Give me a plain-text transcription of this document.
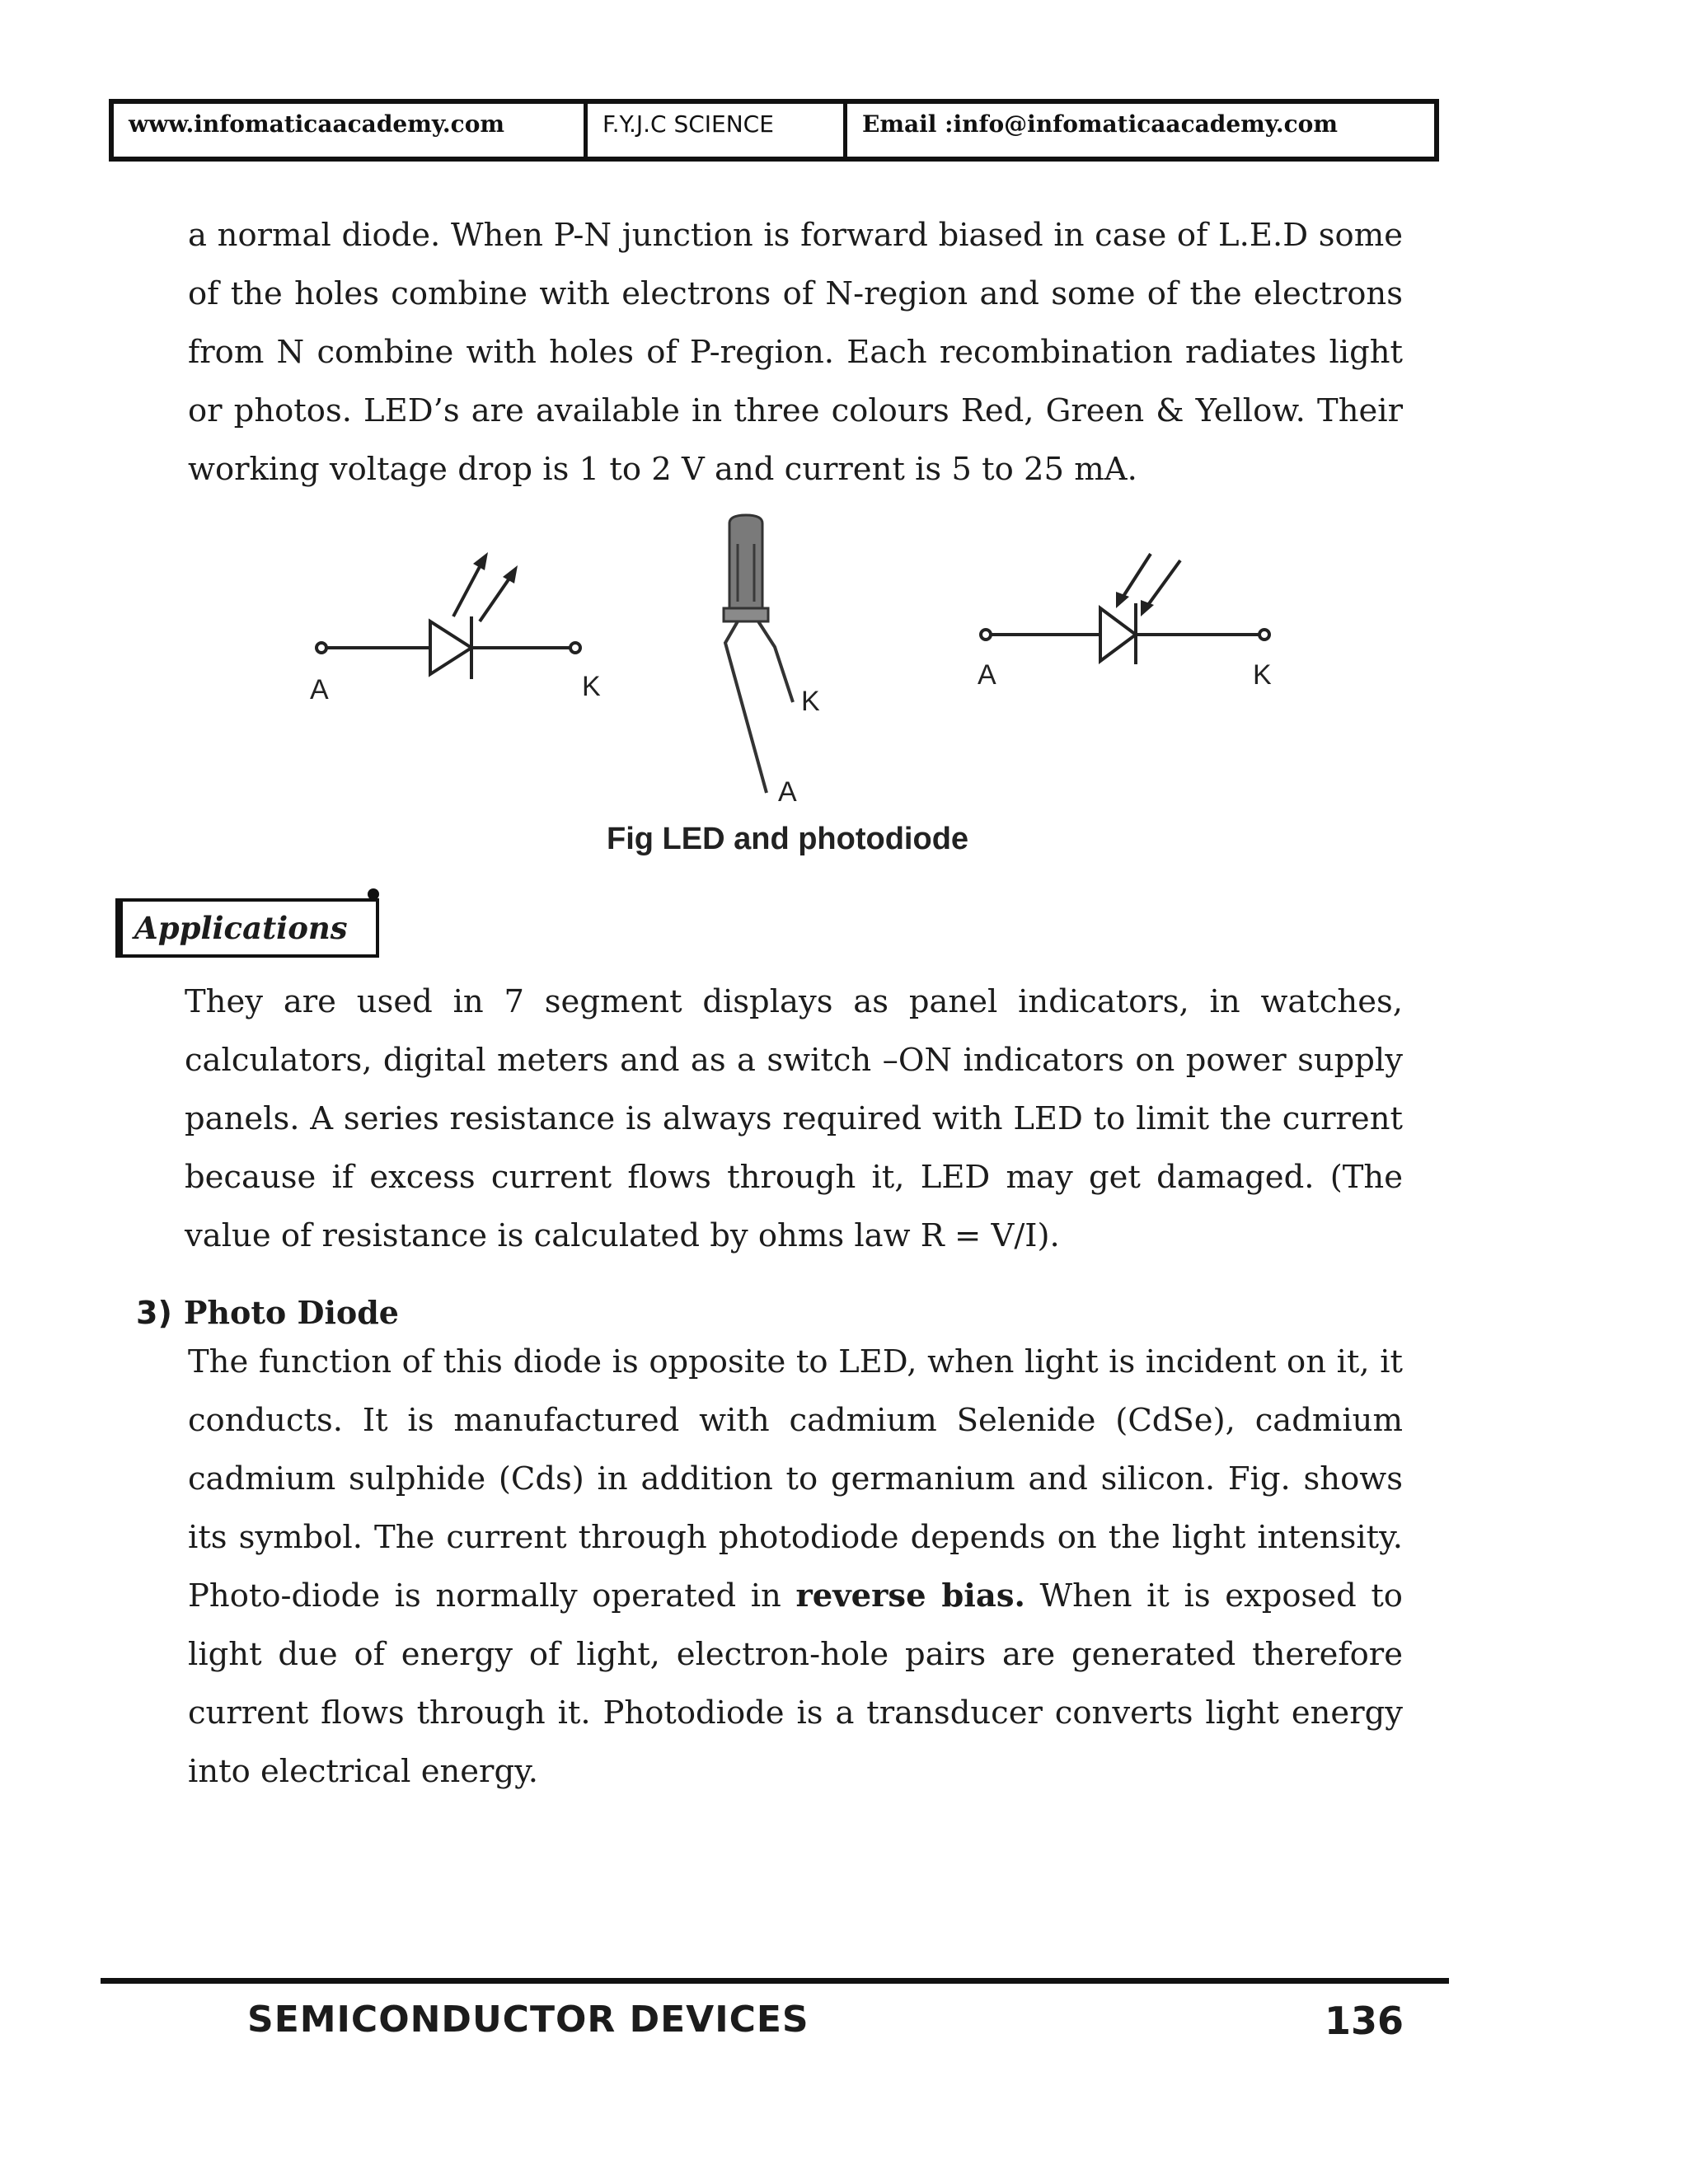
www.infomaticaacademy.com	F.Y.J.C SCIENCE	Email :info@infomaticaacademy.com

a normal diode. When P-N junction is forward biased in case of L.E.D some of the holes combine with electrons of N-region and some of the electrons from N combine with holes of P-region. Each recombination radiates light or photos. LED’s are available in three colours Red, Green & Yellow. Their working voltage drop is 1 to 2 V and current is 5 to 25 mA.

A	K	K
A
A	K
Fig LED and photodiode
Applications

They are used in 7 segment displays as panel indicators, in watches, calculators, digital meters and as a switch –ON indicators on power supply panels. A series resistance is always required with LED to limit the current because if excess current flows through it, LED may get damaged. (The value of resistance is calculated by ohms law R = V/I).

3) Photo Diode

The function of this diode is opposite to LED, when light is incident on it, it conducts. It is manufactured with cadmium Selenide (CdSe), cadmium cadmium sulphide (Cds) in addition to germanium and silicon. Fig. shows its symbol. The current through photodiode depends on the light intensity. Photo-diode is normally operated in reverse bias. When it is exposed to light due of energy of light, electron-hole pairs are generated therefore current flows through it. Photodiode is a transducer converts light energy into electrical energy.

SEMICONDUCTOR DEVICES	136
